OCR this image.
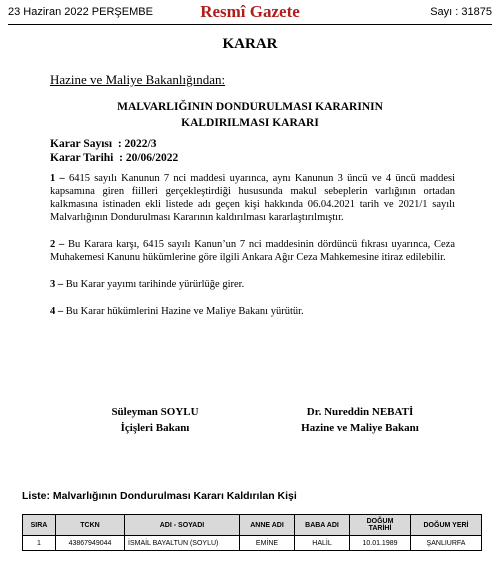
23 Haziran 2022 PERŞEMBE	Resmî Gazete	Sayı : 31875
KARAR
Hazine ve Maliye Bakanlığından:
MALVARLIĞININ DONDURULMASI KARARININ
KALDIRILMASI KARARI
Karar Sayısı  : 2022/3
Karar Tarihi  : 20/06/2022

1 – 6415 sayılı Kanunun 7 nci maddesi uyarınca, aynı Kanunun 3 üncü ve 4 üncü maddesi kapsamına giren fiilleri gerçekleştirdiği hususunda makul sebeplerin varlığının ortadan kalkmasına istinaden ekli listede adı geçen kişi hakkında 06.04.2021 tarih ve 2021/1 sayılı Malvarlığının Dondurulması Kararının kaldırılması kararlaştırılmıştır.

2 – Bu Karara karşı, 6415 sayılı Kanun’un 7 nci maddesinin dördüncü fıkrası uyarınca, Ceza Muhakemesi Kanunu hükümlerine göre ilgili Ankara Ağır Ceza Mahkemesine itiraz edilebilir.

3 – Bu Karar yayımı tarihinde yürürlüğe girer.

4 – Bu Karar hükümlerini Hazine ve Maliye Bakanı yürütür.

Süleyman SOYLU
İçişleri Bakanı
Dr. Nureddin NEBATİ
Hazine ve Maliye Bakanı
Liste: Malvarlığının Dondurulması Kararı Kaldırılan Kişi
SIRA	TCKN	ADI - SOYADI	ANNE ADI	BABA ADI	DOĞUM
TARİHİ	DOĞUM YERİ
1	43867949044	İSMAİL BAYALTUN (SOYLU)	EMİNE	HALİL	10.01.1989	ŞANLIURFA
